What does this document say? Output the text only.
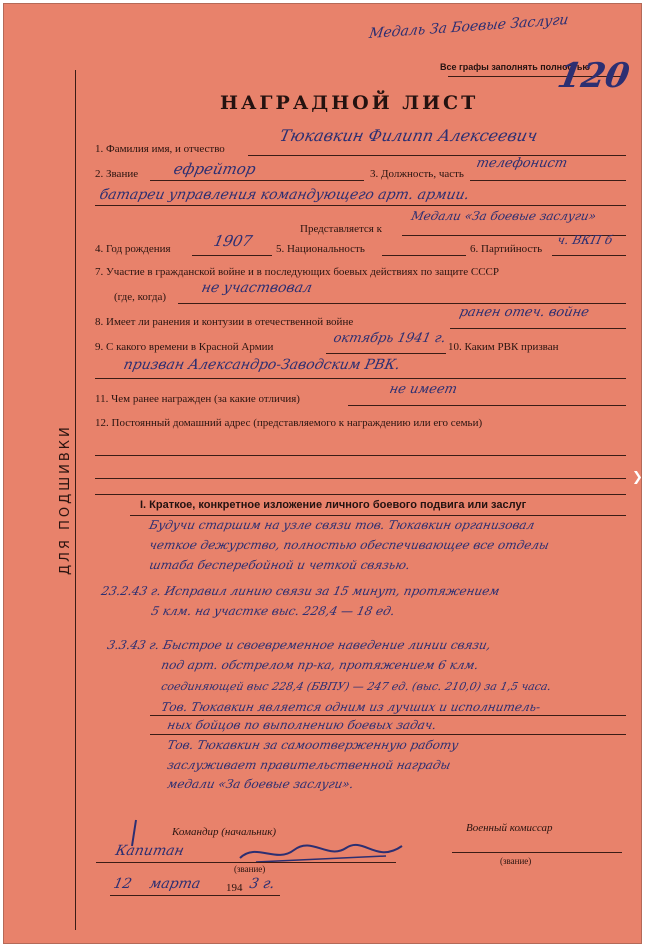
ДЛЯ ПОДШИВКИ
Медаль За Боевые Заслуги
Все графы заполнять полностью
120
НАГРАДНОЙ ЛИСТ
1. Фамилия имя, и отчество
Тюкавкин Филипп Алексеевич
2. Звание ефрейтор	3. Должность, часть
телефонист
батареи управления командующего арт. армии.
Представляется к
Медали «За боевые заслуги»
4. Год рождения	1907 5. Национальность	6. Партийность
ч. ВКП б
7. Участие в гражданской войне и в последующих боевых действиях по защите СССР
(где, когда)
не участвовал
8. Имеет ли ранения и контузии в отечественной войне
ранен отеч. войне
9. С какого времени в Красной Армии
октябрь 1941 г.
10. Каким РВК призван
призван Александро-Заводским РВК.
11. Чем ранее награжден (за какие отличия)
не имеет
12. Постоянный домашний адрес (представляемого к награждению или его семьи)
I. Краткое, конкретное изложение личного боевого подвига или заслуг
Будучи старшим на узле связи тов. Тюкавкин организовал
четкое дежурство, полностью обеспечивающее все отделы
штаба бесперебойной и четкой связью.
23.2.43 г. Исправил линию связи за 15 минут, протяжением
5 клм. на участке выс. 228,4 — 18 ед.
3.3.43 г. Быстрое и своевременное наведение линии связи,
под арт. обстрелом пр-ка, протяжением 6 клм.
соединяющей выс 228,4 (БВПУ) — 247 ед. (выс. 210,0) за 1,5 часа.
Тов. Тюкавкин является одним из лучших и исполнитель-
ных бойцов по выполнению боевых задач.
Тов. Тюкавкин за самоотверженную работу
заслуживает правительственной награды
медали «За боевые заслуги».
Командир (начальник)	Военный комиссар
Капитан
(звание)
(звание)
12 марта 194 3 г.
❯
